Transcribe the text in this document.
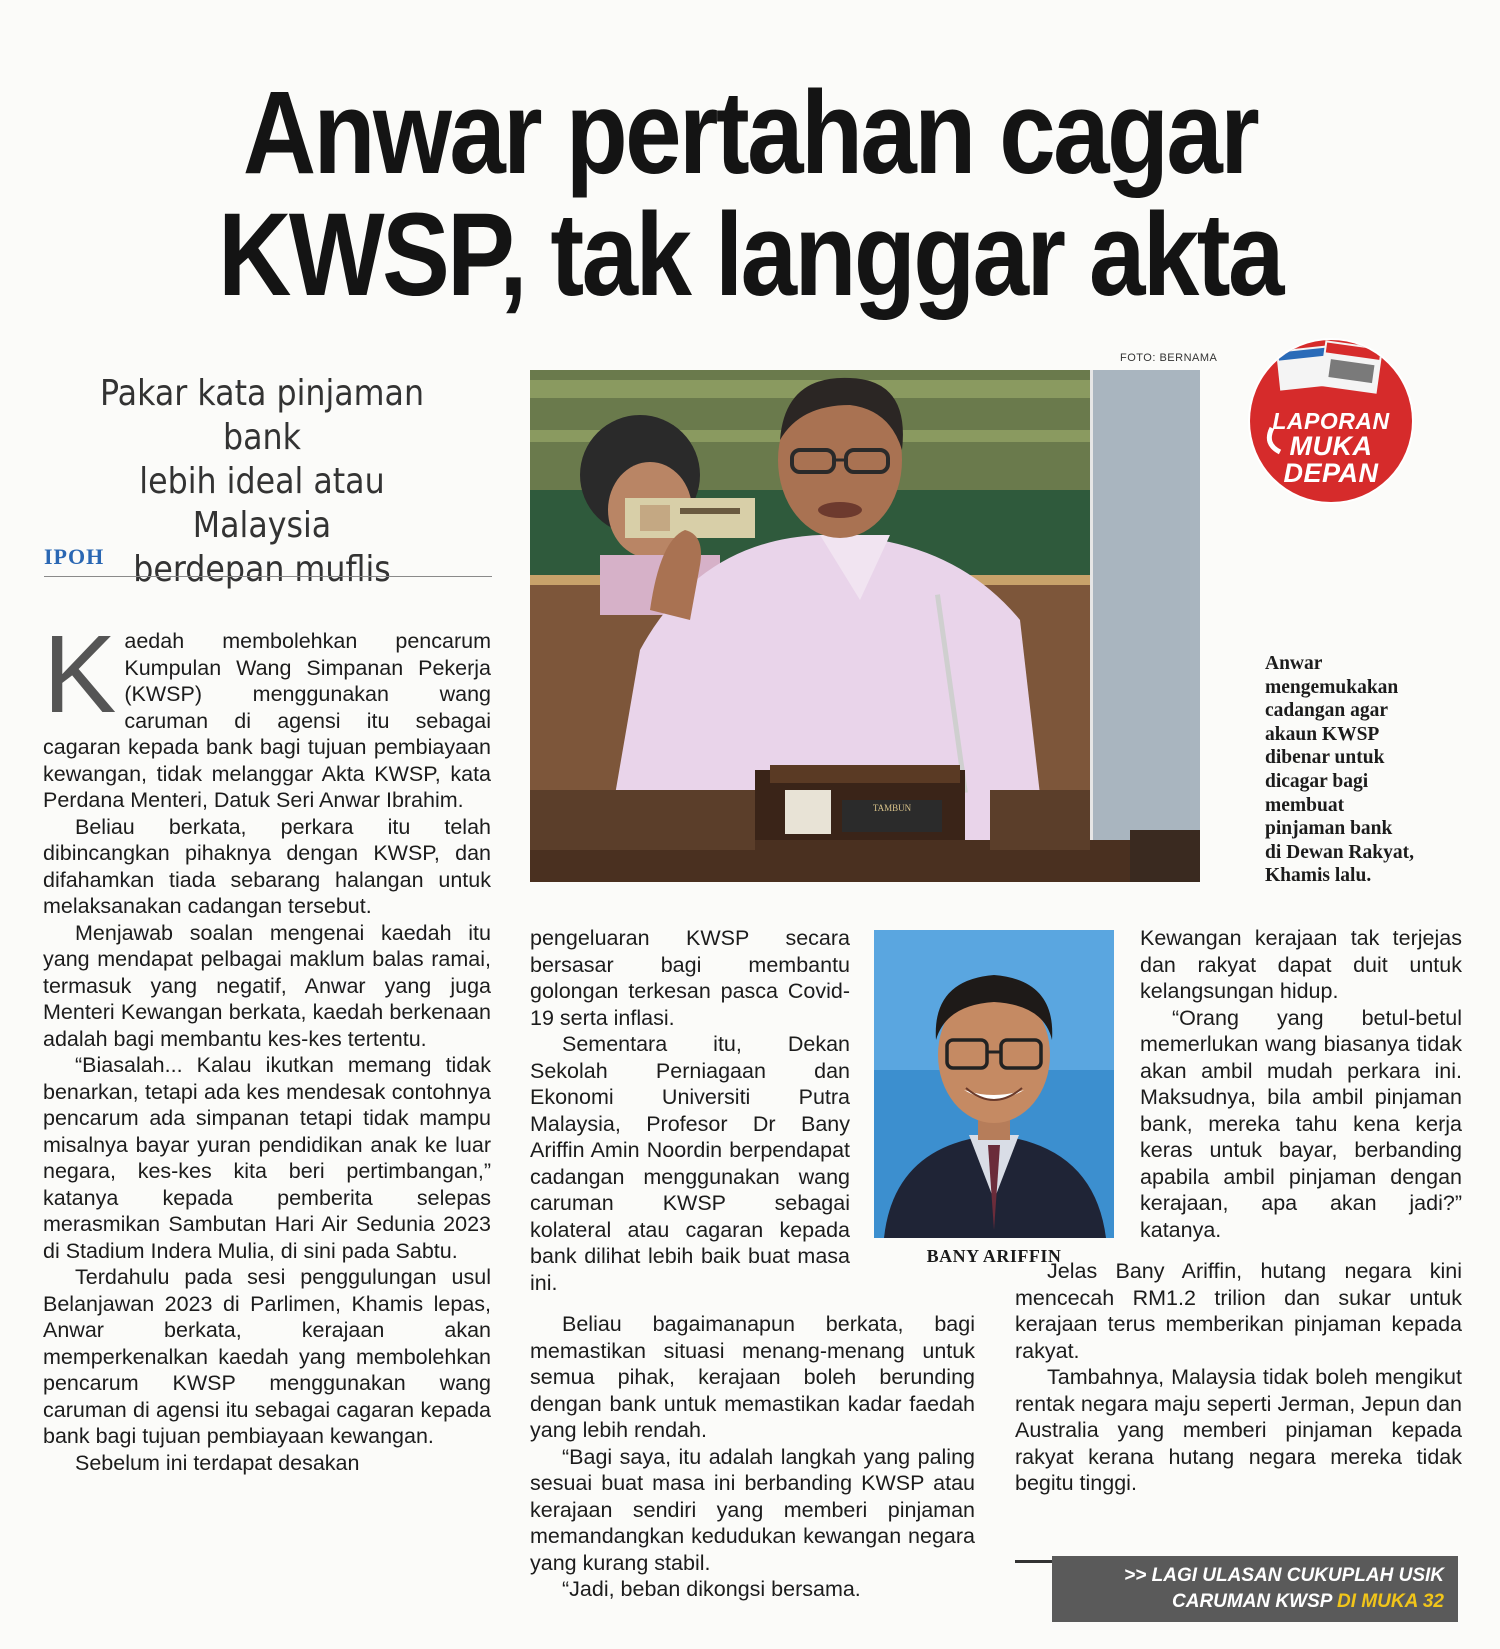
Anwar pertahan cagar
KWSP, tak langgar akta
Pakar kata pinjaman bank
lebih ideal atau Malaysia
berdepan muflis
IPOH
FOTO: BERNAMA
TAMBUN
Anwar
mengemukakan
cadangan agar
akaun KWSP
dibenar untuk
dicagar bagi
membuat
pinjaman bank
di Dewan Rakyat,
Khamis lalu.
LAPORAN
MUKA
DEPAN
BANY ARIFFIN

Kaedah membolehkan pencarum Kumpulan Wang Simpanan Pekerja (KWSP) menggunakan wang caruman di agensi itu sebagai cagaran kepada bank bagi tujuan pembiayaan kewangan, tidak melanggar Akta KWSP, kata Perdana Menteri, Datuk Seri Anwar Ibrahim.

Beliau berkata, perkara itu telah dibincangkan pihaknya dengan KWSP, dan difahamkan tiada sebarang halangan untuk melaksanakan cadangan tersebut.

Menjawab soalan mengenai kaedah itu yang mendapat pelbagai maklum balas ramai, termasuk yang negatif, Anwar yang juga Menteri Kewangan berkata, kaedah berkenaan adalah bagi membantu kes-kes tertentu.

“Biasalah... Kalau ikutkan memang tidak benarkan, tetapi ada kes mendesak contohnya pencarum ada simpanan tetapi tidak mampu misalnya bayar yuran pendidikan anak ke luar negara, kes-kes kita beri pertimbangan,” katanya kepada pemberita selepas merasmikan Sambutan Hari Air Sedunia 2023 di Stadium Indera Mulia, di sini pada Sabtu.

Terdahulu pada sesi penggulungan usul Belanjawan 2023 di Parlimen, Khamis lepas, Anwar berkata, kerajaan akan memperkenalkan kaedah yang membolehkan pencarum KWSP menggunakan wang caruman di agensi itu sebagai cagaran kepada bank bagi tujuan pembiayaan kewangan.

Sebelum ini terdapat desakan

pengeluaran KWSP secara bersasar bagi membantu golongan terkesan pasca Covid-19 serta inflasi.

Sementara itu, Dekan Sekolah Perniagaan dan Ekonomi Universiti Putra Malaysia, Profesor Dr Bany Ariffin Amin Noordin berpendapat cadangan menggunakan wang caruman KWSP sebagai kolateral atau cagaran kepada bank dilihat lebih baik buat masa ini.

Beliau bagaimanapun berkata, bagi memastikan situasi menang-menang untuk semua pihak, kerajaan boleh berunding dengan bank untuk memastikan kadar faedah yang lebih rendah.

“Bagi saya, itu adalah langkah yang paling sesuai buat masa ini berbanding KWSP atau kerajaan sendiri yang memberi pinjaman memandangkan kedudukan kewangan negara yang kurang stabil.

“Jadi, beban dikongsi bersama.

Kewangan kerajaan tak terjejas dan rakyat dapat duit untuk kelangsungan hidup.

“Orang yang betul-betul memerlukan wang biasanya tidak akan ambil mudah perkara ini. Maksudnya, bila ambil pinjaman bank, mereka tahu kena kerja keras untuk bayar, berbanding apabila ambil pinjaman dengan kerajaan, apa akan jadi?” katanya.

Jelas Bany Ariffin, hutang negara kini mencecah RM1.2 trilion dan sukar untuk kerajaan terus memberikan pinjaman kepada rakyat.

Tambahnya, Malaysia tidak boleh mengikut rentak negara maju seperti Jerman, Jepun dan Australia yang memberi pinjaman kepada rakyat kerana hutang negara mereka tidak begitu tinggi.

>> LAGI ULASAN CUKUPLAH USIK
CARUMAN KWSP DI MUKA 32
